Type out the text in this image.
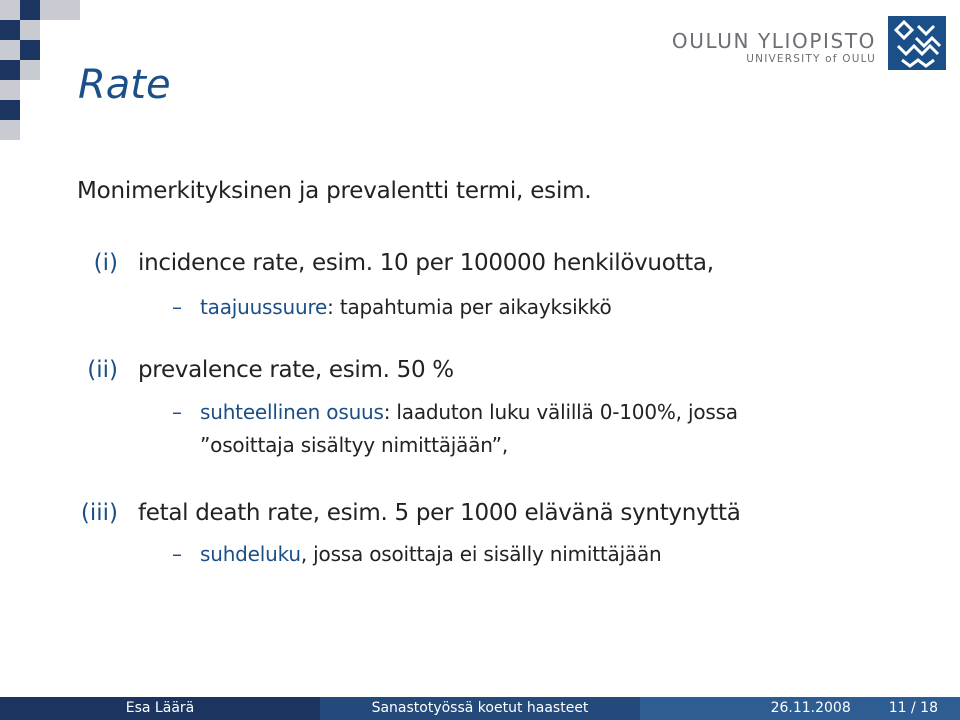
OULUN YLIOPISTO
UNIVERSITY of OULU
Rate
Monimerkityksinen ja prevalentti termi, esim.
(i) incidence rate, esim. 10 per 100000 henkilövuotta,
– taajuussuure: tapahtumia per aikayksikkö
(ii) prevalence rate, esim. 50 %
– suhteellinen osuus: laaduton luku välillä 0-100%, jossa
”osoittaja sisältyy nimittäjään”,
(iii) fetal death rate, esim. 5 per 1000 elävänä syntynyttä
– suhdeluku, jossa osoittaja ei sisälly nimittäjään
Esa Läärä	Sanastotyössä koetut haasteet	26.11.2008	11 / 18
